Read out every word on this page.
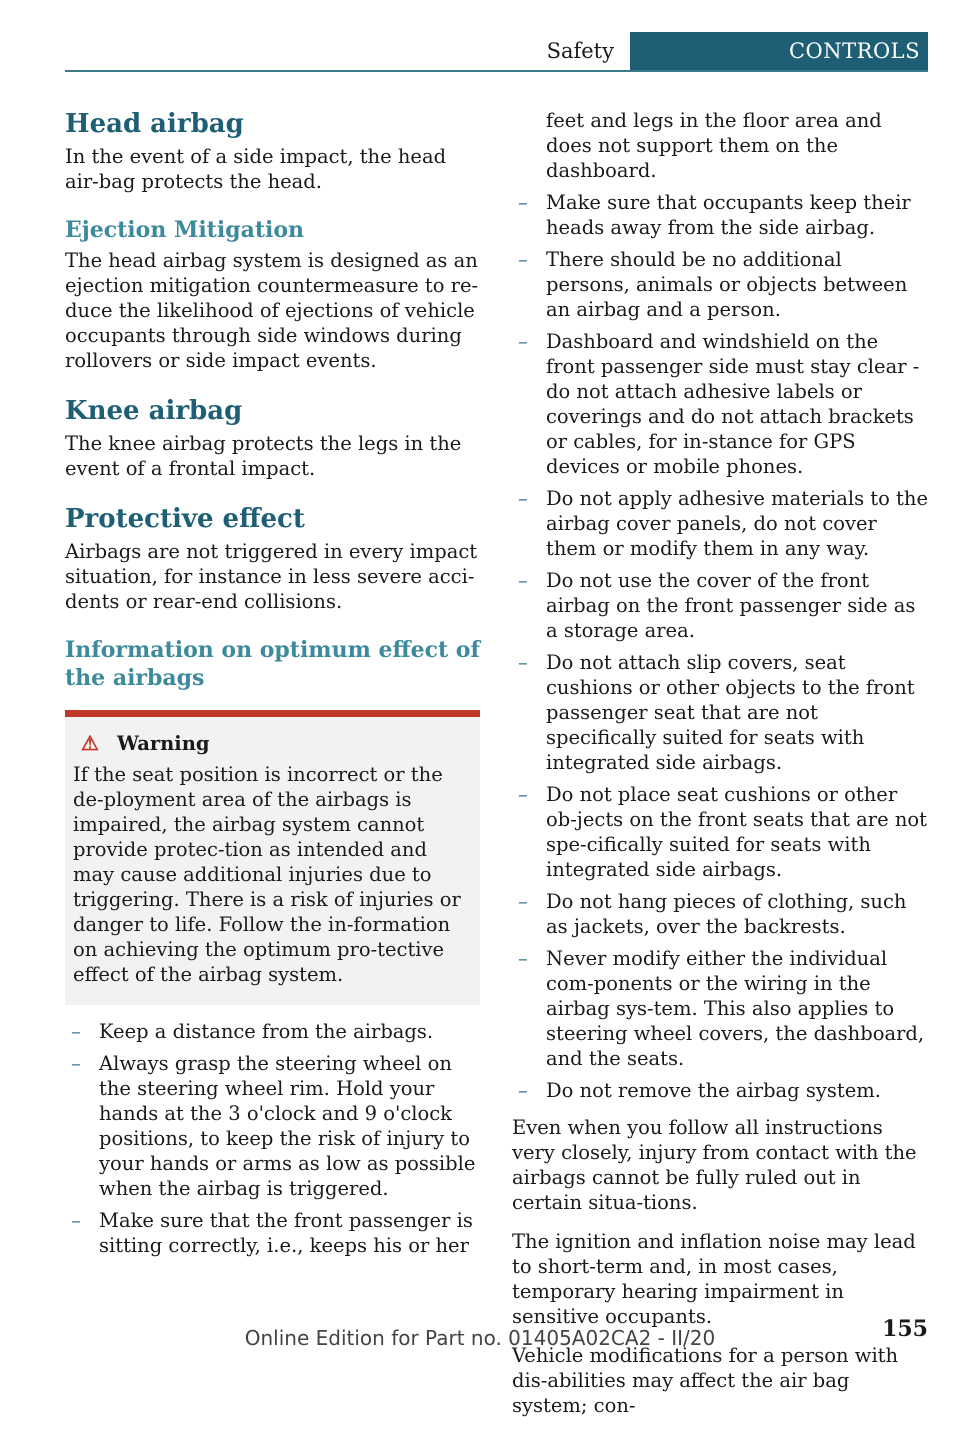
Safety	CONTROLS
Head airbag

In the event of a side impact, the head air-bag protects the head.

Ejection Mitigation

The head airbag system is designed as an ejection mitigation countermeasure to re-duce the likelihood of ejections of vehicle occupants through side windows during rollovers or side impact events.

Knee airbag

The knee airbag protects the legs in the event of a frontal impact.

Protective effect

Airbags are not triggered in every impact situation, for instance in less severe acci-dents or rear-end collisions.

Information on optimum effect of the airbags
⚠ Warning

If the seat position is incorrect or the de-ployment area of the airbags is impaired, the airbag system cannot provide protec-tion as intended and may cause additional injuries due to triggering. There is a risk of injuries or danger to life. Follow the in-formation on achieving the optimum pro-tective effect of the airbag system.

– Keep a distance from the airbags.
– Always grasp the steering wheel on the steering wheel rim. Hold your hands at the 3 o'clock and 9 o'clock positions, to keep the risk of injury to your hands or arms as low as possible when the airbag is triggered.
– Make sure that the front passenger is sitting correctly, i.e., keeps his or her
feet and legs in the floor area and does not support them on the dashboard.
– Make sure that occupants keep their heads away from the side airbag.
– There should be no additional persons, animals or objects between an airbag and a person.
– Dashboard and windshield on the front passenger side must stay clear - do not attach adhesive labels or coverings and do not attach brackets or cables, for in-stance for GPS devices or mobile phones.
– Do not apply adhesive materials to the airbag cover panels, do not cover them or modify them in any way.
– Do not use the cover of the front airbag on the front passenger side as a storage area.
– Do not attach slip covers, seat cushions or other objects to the front passenger seat that are not specifically suited for seats with integrated side airbags.
– Do not place seat cushions or other ob-jects on the front seats that are not spe-cifically suited for seats with integrated side airbags.
– Do not hang pieces of clothing, such as jackets, over the backrests.
– Never modify either the individual com-ponents or the wiring in the airbag sys-tem. This also applies to steering wheel covers, the dashboard, and the seats.
– Do not remove the airbag system.

Even when you follow all instructions very closely, injury from contact with the airbags cannot be fully ruled out in certain situa-tions.

The ignition and inflation noise may lead to short-term and, in most cases, temporary hearing impairment in sensitive occupants.

Vehicle modifications for a person with dis-abilities may affect the air bag system; con-

155
Online Edition for Part no. 01405A02CA2 - II/20
